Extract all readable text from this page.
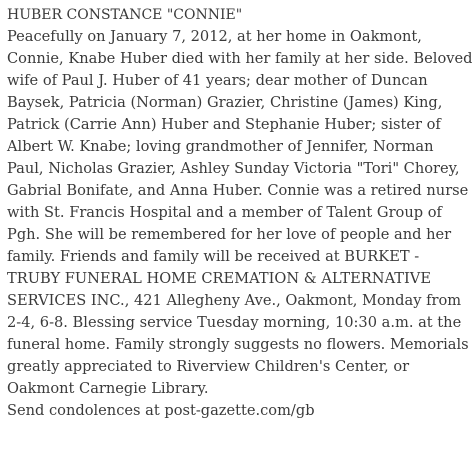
HUBER CONSTANCE "CONNIE"
Peacefully on January 7, 2012, at her home in Oakmont,
Connie, Knabe Huber died with her family at her side. Beloved
wife of Paul J. Huber of 41 years; dear mother of Duncan
Baysek, Patricia (Norman) Grazier, Christine (James) King,
Patrick (Carrie Ann) Huber and Stephanie Huber; sister of
Albert W. Knabe; loving grandmother of Jennifer, Norman
Paul, Nicholas Grazier, Ashley Sunday Victoria "Tori" Chorey,
Gabrial Bonifate, and Anna Huber. Connie was a retired nurse
with St. Francis Hospital and a member of Talent Group of
Pgh. She will be remembered for her love of people and her
family. Friends and family will be received at BURKET -
TRUBY FUNERAL HOME CREMATION & ALTERNATIVE
SERVICES INC., 421 Allegheny Ave., Oakmont, Monday from
2-4, 6-8. Blessing service Tuesday morning, 10:30 a.m. at the
funeral home. Family strongly suggests no flowers. Memorials
greatly appreciated to Riverview Children's Center, or
Oakmont Carnegie Library.
Send condolences at post-gazette.com/gb
